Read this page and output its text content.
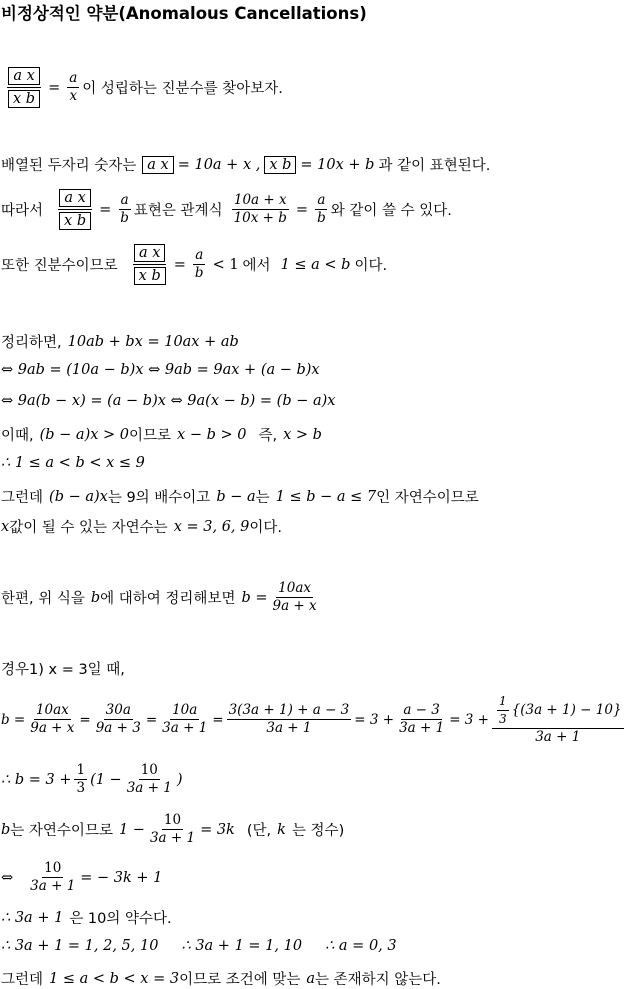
비정상적인 약분(Anomalous Cancellations)
$\frac{\text{a x}}{\text{x b}} = \frac{a}{x}$ 이 성립하는 진분수를 찾아보자.
배열된 두자리 숫자는 a x = 10a + x , x b = 10x + b 과 같이 표현된다.
따라서 $\frac{\text{a x}}{\text{x b}} = \frac{a}{b}$ 표현은 관계식 $\frac{10a + x}{10x + b} = \frac{a}{b}$ 와 같이 쓸 수 있다.
또한 진분수이므로 $\frac{\text{a x}}{\text{x b}} = \frac{a}{b} < 1$ 에서 1 ≤ a < b 이다.
정리하면, 10ab + bx = 10ax + ab
⇔ 9ab = (10a − b)x ⇔ 9ab = 9ax + (a − b)x
⇔ 9a(b − x) = (a − b)x ⇔ 9a(x − b) = (b − a)x
이때, (b − a)x > 0 이므로 x − b > 0 즉, x > b
∴ 1 ≤ a < b < x ≤ 9
그런데 (b − a)x 는 9의 배수이고 b − a 는 1 ≤ b − a ≤ 7 인 자연수이므로
x 값이 될 수 있는 자연수는 x = 3, 6, 9 이다.
한편, 위 식을 b 에 대하여 정리해보면 $b = \frac{10ax}{9a + x}$
경우1) x = 3일 때,
$b = \frac{10ax}{9a + x} = \frac{30a}{9a + 3} = \frac{10a}{3a + 1} = \frac{3(3a + 1) + a - 3}{3a + 1} = 3 + \frac{a - 3}{3a + 1} = 3 + \frac{\frac{1}{3} \{(3a + 1) - 10\}}{3a + 1}$
∴ $b = 3 + \frac{1}{3} (1 - \frac{10}{3a + 1}$ )
b 는 자연수이므로 $1 - \frac{10}{3a + 1} = 3k$ (단, k 는 정수)
⇔ $\frac{10}{3a + 1}$ = − 3k + 1
∴ 3a + 1 은 10의 약수다.
∴ 3a + 1 = 1, 2, 5, 10     ∴ 3a + 1 = 1, 10     ∴ a = 0, 3
그런데 1 ≤ a < b < x = 3 이므로 조건에 맞는 a 는 존재하지 않는다.
